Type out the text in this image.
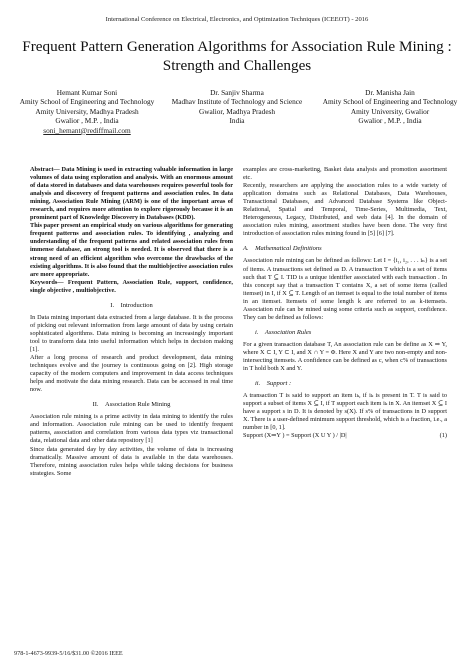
International Conference on Electrical, Electronics, and Optimization Techniques (ICEEOT) - 2016
Frequent Pattern Generation Algorithms for Association Rule Mining : Strength and Challenges
Hemant Kumar Soni
Amity School of Engineering and Technology
Amity University, Madhya Pradesh
Gwalior , M.P. , India
soni_hemant@rediffmail.com
Dr. Sanjiv Sharma
Madhav Institute of Technology and Science
Gwalior, Madhya Pradesh
India
Dr. Manisha Jain
Amity School of Engineering and Technology
Amity University, Gwalior
Gwalior , M.P. , India

Abstract— Data Mining is used in extracting valuable information in large volumes of data using exploration and analysis. With an enormous amount of data stored in databases and data warehouses requires powerful tools for analysis and discovery of frequent patterns and association rules. In data mining, Association Rule Mining (ARM) is one of the important areas of research, and requires more attention to explore rigorously because it is an prominent part of Knowledge Discovery in Databases (KDD).

This paper present an empirical study on various algorithms for generating frequent patterns and association rules. To identifying , analyzing and understanding of the frequent patterns and related association rules from immense database, an strong tool is needed. It is observed that there is a strong need of an efficient algorithm who overcome the drawbacks of the existing algorithms. It is also found that the multiobjective association rules are more appropriate.

Keywords— Frequent Pattern, Association Rule, support, confidence, single objective , multiobjective.

I. Introduction

In Data mining important data extracted from a large database. It is the process of picking out relevant information from large amount of data by using certain sophisticated algorithms. Data mining is becoming an increasingly important tool to transform data into useful information which helps in decision making [1].

After a long process of research and product development, data mining techniques evolve and the journey is continuous going on [2]. High storage capacity of the modern computers and improvement in data access techniques helps and motivate the data mining research. Data can be accessed in real time now.

II. Association Rule Mining

Association rule mining is a prime activity in data mining to identify the rules and information. Association rule mining can be used to identify frequent patterns, association and correlation from various data types viz transactional data, relational data and other data repository [1]

Since data generated day by day activities, the volume of data is increasing dramatically. Massive amount of data is available in the data warehouses. Therefore, mining association rules helps while taking decisions for business strategies. Some

examples are cross-marketing, Basket data analysis and promotion assortment etc.

Recently, researchers are applying the association rules to a wide variety of application domains such as Relational Databases, Data Warehouses, Transactional Databases, and Advanced Database Systems like Object-Relational, Spatial and Temporal, Time-Series, Multimedia, Text, Heterogeneous, Legacy, Distributed, and web data [4]. In the domain of association rules mining, assortment studies have been done. The very first introduction of association rules mining found in [5] [6] [7].

A. Mathematical Definitions

Association rule mining can be defined as follows: Let I = {i₁, i₂, . . . iₙ} is a set of items. A transactions set defined as D. A transaction T which is a set of items such that T ⊆ I. TID is a unique identifier associated with each transaction . In this concept say that a transaction T contains X, a set of some items (called itemset) in I, if X ⊆ T. Length of an itemset is equal to the total number of items in an itemset. Itemsets of some length k are referred to as k-itemsets. Association rule can be mined using some criteria such as support, confidence. They can be defined as follows:

i. Association Rules

For a given transaction database T, An association rule can be define as X ⇒ Y, where X ⊂ I, Y ⊂ I, and X ∩ Y = Φ. Here X and Y are two non-empty and non-intersecting itemsets. A confidence can be defined as c, when c% of transactions in T hold both X and Y.

ii. Support :

A transaction T is said to support an item iₖ, if iₖ is present in T. T is said to support a subset of items X ⊆ I, if T support each item iₖ in X. An itemset X ⊆ I have a support s in D. It is denoted by s(X). If s% of transactions in D support X. There is a user-defined minimum support threshold, which is a fraction, i.e., a number in [0, 1].

Support (X⇒Y ) = Support (X U Y ) / |D|	(1)
978-1-4673-9939-5/16/$31.00 ©2016 IEEE
